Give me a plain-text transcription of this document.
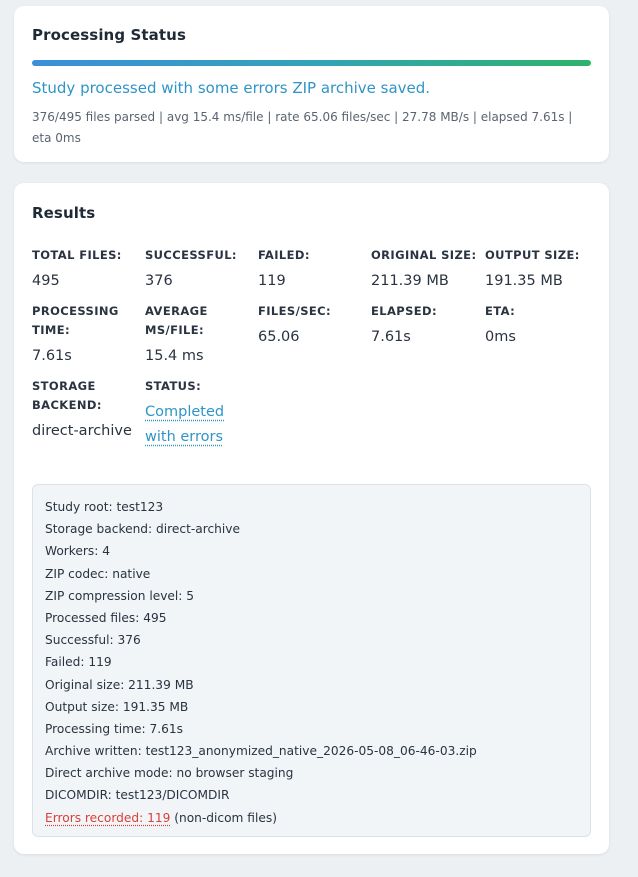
Processing Status
Study processed with some errors ZIP archive saved.
376/495 files parsed | avg 15.4 ms/file | rate 65.06 files/sec | 27.78 MB/s | elapsed 7.61s | eta 0ms
Results
TOTAL FILES:
495
SUCCESSFUL:
376
FAILED:
119
ORIGINAL SIZE:
211.39 MB
OUTPUT SIZE:
191.35 MB
PROCESSING TIME:
7.61s
AVERAGE MS/FILE:
15.4 ms
FILES/SEC:
65.06
ELAPSED:
7.61s
ETA:
0ms
STORAGE BACKEND:
direct-archive
STATUS:
Completed with errors
Study root: test123
Storage backend: direct-archive
Workers: 4
ZIP codec: native
ZIP compression level: 5
Processed files: 495
Successful: 376
Failed: 119
Original size: 211.39 MB
Output size: 191.35 MB
Processing time: 7.61s
Archive written: test123_anonymized_native_2026-05-08_06-46-03.zip
Direct archive mode: no browser staging
DICOMDIR: test123/DICOMDIR
Errors recorded: 119 (non-dicom files)
